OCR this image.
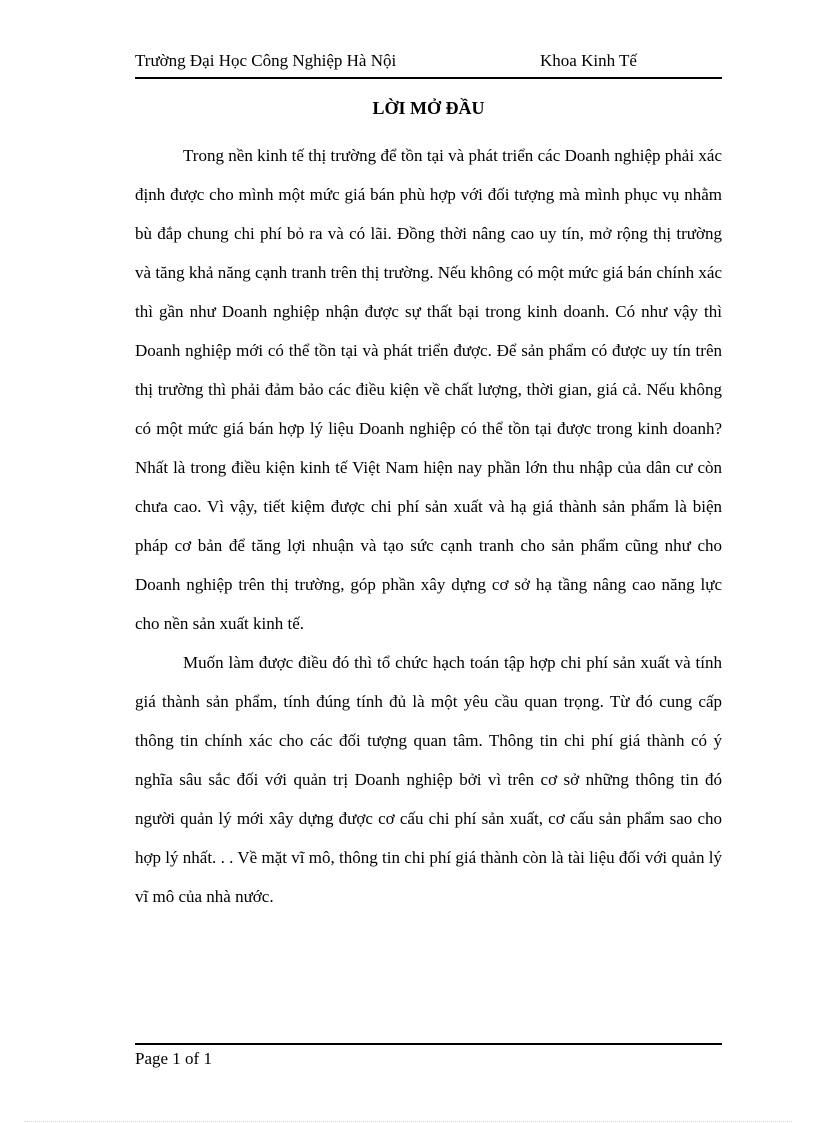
Trường Đại Học Công Nghiệp Hà Nội	Khoa Kinh Tế
LỜI MỞ ĐẦU

Trong nền kinh tế thị trường để tồn tại và phát triển các Doanh nghiệp phải xác định được cho mình một mức giá bán phù hợp với đối tượng mà mình phục vụ nhằm bù đắp chung chi phí bỏ ra và có lãi. Đồng thời nâng cao uy tín, mở rộng thị trường và tăng khả năng cạnh tranh trên thị trường. Nếu không có một mức giá bán chính xác thì gần như Doanh nghiệp nhận được sự thất bại trong kinh doanh. Có như vậy thì Doanh nghiệp mới có thể tồn tại và phát triển được. Để sản phẩm có được uy tín trên thị trường thì phải đảm bảo các điều kiện về chất lượng, thời gian, giá cả. Nếu không có một mức giá bán hợp lý liệu Doanh nghiệp có thể tồn tại được trong kinh doanh? Nhất là trong điều kiện kinh tế Việt Nam hiện nay phần lớn thu nhập của dân cư còn chưa cao. Vì vậy, tiết kiệm được chi phí sản xuất và hạ giá thành sản phẩm là biện pháp cơ bản để tăng lợi nhuận và tạo sức cạnh tranh cho sản phẩm cũng như cho Doanh nghiệp trên thị trường, góp phần xây dựng cơ sở hạ tầng nâng cao năng lực cho nền sản xuất kinh tế.

Muốn làm được điều đó thì tổ chức hạch toán tập hợp chi phí sản xuất và tính giá thành sản phẩm, tính đúng tính đủ là một yêu cầu quan trọng. Từ đó cung cấp thông tin chính xác cho các đối tượng quan tâm. Thông tin chi phí giá thành có ý nghĩa sâu sắc đối với quản trị Doanh nghiệp bởi vì trên cơ sở những thông tin đó người quản lý mới xây dựng được cơ cấu chi phí sản xuất, cơ cấu sản phẩm sao cho hợp lý nhất. . . Về mặt vĩ mô, thông tin chi phí giá thành còn là tài liệu đối với quản lý vĩ mô của nhà nước.

Page 1 of 1
